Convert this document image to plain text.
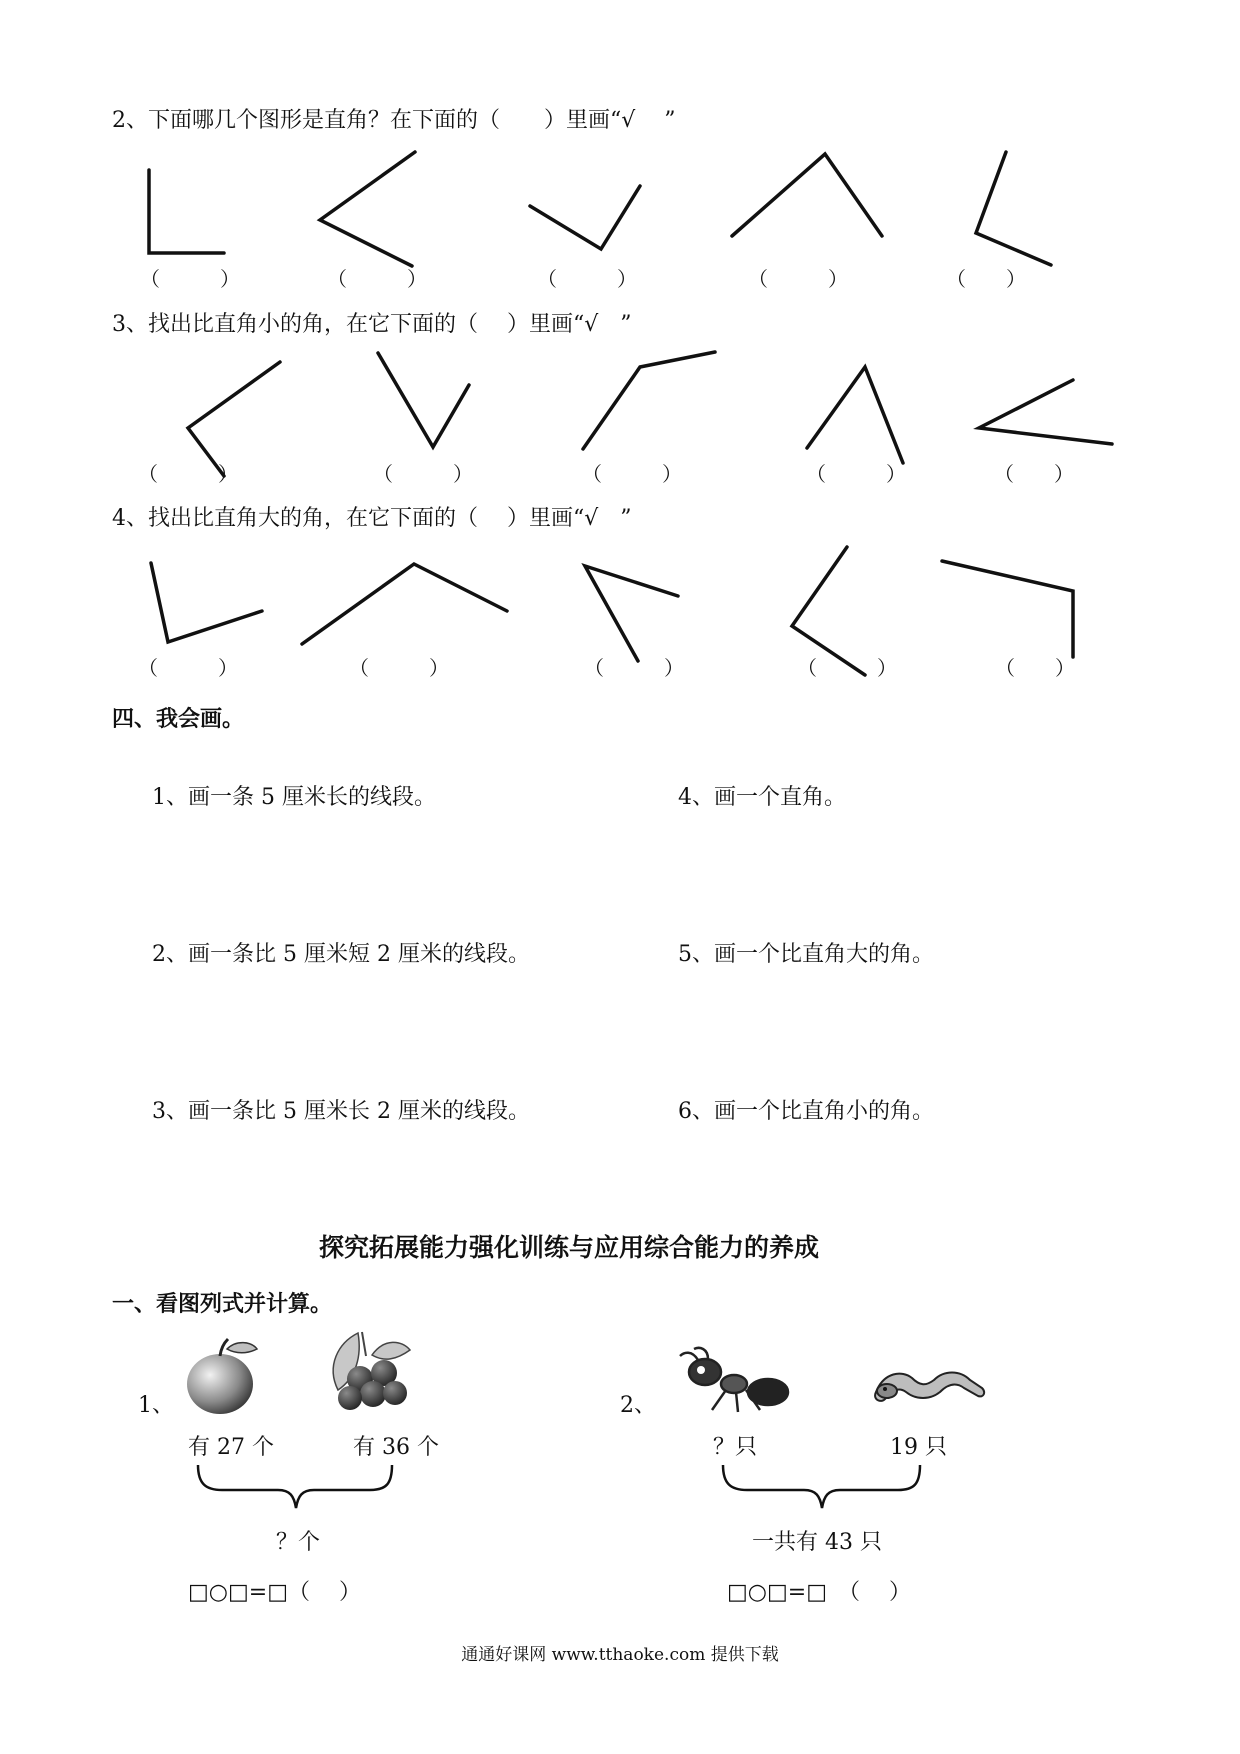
2、下面哪几个图形是直角？在下面的（　　）里画“√　 ”
（　　　）	（　　　）	（　　　）	（　　　）	（　　）
3、找出比直角小的角，在它下面的（　 ）里画“√　”
（　　　）	（　　　）	（　　　）	（　　　）	（　　）
4、找出比直角大的角，在它下面的（　 ）里画“√　”
（　　　）	（　　　）	（　　　）	（　　　）	（　　）
四、我会画。
1、画一条 5 厘米长的线段。	4、画一个直角。
2、画一条比 5 厘米短 2 厘米的线段。	5、画一个比直角大的角。
3、画一条比 5 厘米长 2 厘米的线段。	6、画一个比直角小的角。
探究拓展能力强化训练与应用综合能力的养成
一、看图列式并计算。
1、
有 27 个	有 36 个
？个
□○□=□（　 ）
2、
？只	19 只
一共有 43 只
□○□=□　（　 ）
通通好课网 www.tthaoke.com 提供下载
